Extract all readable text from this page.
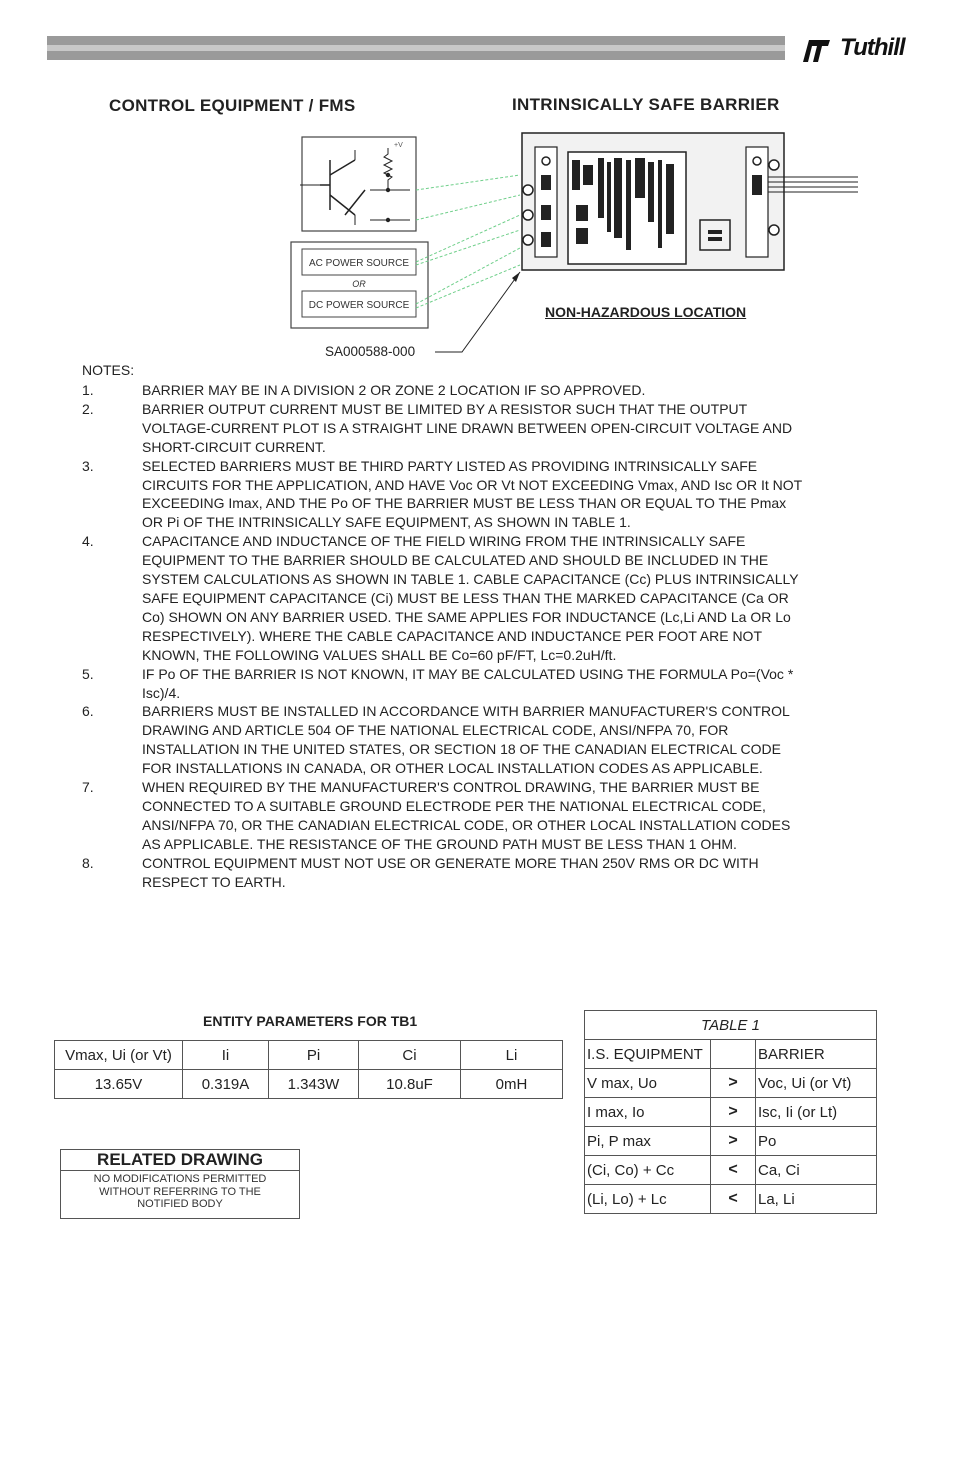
Tuthill
CONTROL EQUIPMENT / FMS	INTRINSICALLY SAFE BARRIER
+V
AC POWER SOURCE
OR
DC POWER SOURCE	NON-HAZARDOUS LOCATION
SA000588-000
NOTES:
1.	BARRIER MAY BE IN A DIVISION 2 OR ZONE 2 LOCATION IF SO APPROVED.
2.	BARRIER OUTPUT CURRENT MUST BE LIMITED BY A RESISTOR SUCH THAT THE OUTPUT VOLTAGE-CURRENT PLOT IS A STRAIGHT LINE DRAWN BETWEEN OPEN-CIRCUIT VOLTAGE AND SHORT-CIRCUIT CURRENT.
3.	SELECTED BARRIERS MUST BE THIRD PARTY LISTED AS PROVIDING INTRINSICALLY SAFE CIRCUITS FOR THE APPLICATION, AND HAVE Voc OR Vt NOT EXCEEDING Vmax, AND Isc OR It NOT EXCEEDING Imax, AND THE Po OF THE BARRIER MUST BE LESS THAN OR EQUAL TO THE Pmax OR Pi OF THE INTRINSICALLY SAFE EQUIPMENT, AS SHOWN IN TABLE 1.
4.	CAPACITANCE AND INDUCTANCE OF THE FIELD WIRING FROM THE INTRINSICALLY SAFE EQUIPMENT TO THE BARRIER SHOULD BE CALCULATED AND SHOULD BE INCLUDED IN THE SYSTEM CALCULATIONS AS SHOWN IN TABLE 1. CABLE CAPACITANCE (Cc) PLUS INTRINSICALLY SAFE EQUIPMENT CAPACITANCE (Ci) MUST BE LESS THAN THE MARKED CAPACITANCE (Ca OR Co) SHOWN ON ANY BARRIER USED. THE SAME APPLIES FOR INDUCTANCE (Lc,Li AND La OR Lo RESPECTIVELY). WHERE THE CABLE CAPACITANCE AND INDUCTANCE PER FOOT ARE NOT KNOWN, THE FOLLOWING VALUES SHALL BE Co=60 pF/FT, Lc=0.2uH/ft.
5.	IF Po OF THE BARRIER IS NOT KNOWN, IT MAY BE CALCULATED USING THE FORMULA Po=(Voc * Isc)/4.
6.	BARRIERS MUST BE INSTALLED IN ACCORDANCE WITH BARRIER MANUFACTURER'S CONTROL DRAWING AND ARTICLE 504 OF THE NATIONAL ELECTRICAL CODE, ANSI/NFPA 70, FOR INSTALLATION IN THE UNITED STATES, OR SECTION 18 OF THE CANADIAN ELECTRICAL CODE FOR INSTALLATIONS IN CANADA, OR OTHER LOCAL INSTALLATION CODES AS APPLICABLE.
7.	WHEN REQUIRED BY THE MANUFACTURER'S CONTROL DRAWING, THE BARRIER MUST BE CONNECTED TO A SUITABLE GROUND ELECTRODE PER THE NATIONAL ELECTRICAL CODE, ANSI/NFPA 70, OR THE CANADIAN ELECTRICAL CODE, OR OTHER LOCAL INSTALLATION CODES AS APPLICABLE. THE RESISTANCE OF THE GROUND PATH MUST BE LESS THAN 1 OHM.
8.	CONTROL EQUIPMENT MUST NOT USE OR GENERATE MORE THAN 250V RMS OR DC WITH RESPECT TO EARTH.
ENTITY PARAMETERS FOR TB1
Vmax, Ui (or Vt)	Ii	Pi	Ci	Li
13.65V	0.319A	1.343W	10.8uF	0mH
TABLE 1		
I.S. EQUIPMENT		BARRIER
V max, Uo	>	Voc, Ui (or Vt)
I max, Io	>	Isc, Ii (or Lt)
Pi, P max	>	Po
(Ci, Co) + Cc	<	Ca, Ci
(Li, Lo) + Lc	<	La, Li
RELATED DRAWING
NO MODIFICATIONS PERMITTED
WITHOUT REFERRING TO THE
NOTIFIED BODY
